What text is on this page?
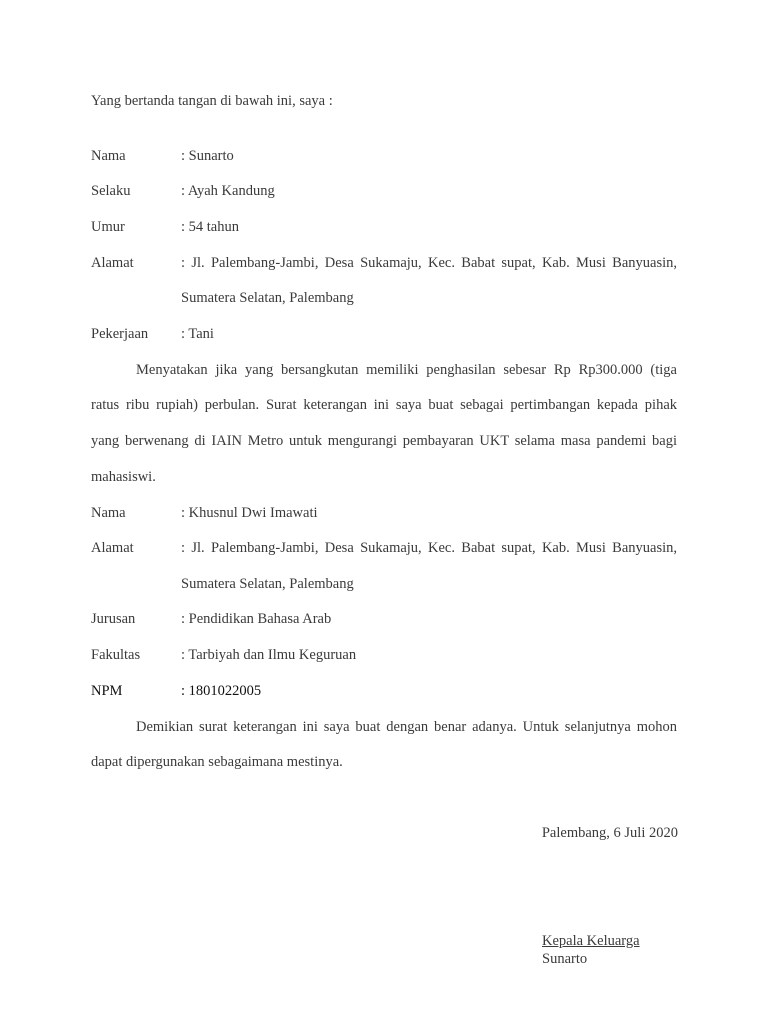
Yang bertanda tangan di bawah ini, saya :
Nama	: Sunarto
Selaku	: Ayah Kandung
Umur	: 54 tahun
Alamat	: Jl. Palembang-Jambi, Desa Sukamaju, Kec. Babat supat, Kab. Musi Banyuasin,
Sumatera Selatan, Palembang
Pekerjaan : Tani
Menyatakan jika yang bersangkutan memiliki penghasilan sebesar Rp Rp300.000 (tiga
ratus ribu rupiah) perbulan. Surat keterangan ini saya buat sebagai pertimbangan kepada pihak
yang berwenang di IAIN Metro untuk mengurangi pembayaran UKT selama masa pandemi bagi
mahasiswi.
Nama	: Khusnul Dwi Imawati
Alamat	: Jl. Palembang-Jambi, Desa Sukamaju, Kec. Babat supat, Kab. Musi Banyuasin,
Sumatera Selatan, Palembang
Jurusan	: Pendidikan Bahasa Arab
Fakultas	: Tarbiyah dan Ilmu Keguruan
NPM	: 1801022005
Demikian surat keterangan ini saya buat dengan benar adanya. Untuk selanjutnya mohon
dapat dipergunakan sebagaimana mestinya.
Palembang, 6 Juli 2020
Kepala Keluarga
Sunarto
